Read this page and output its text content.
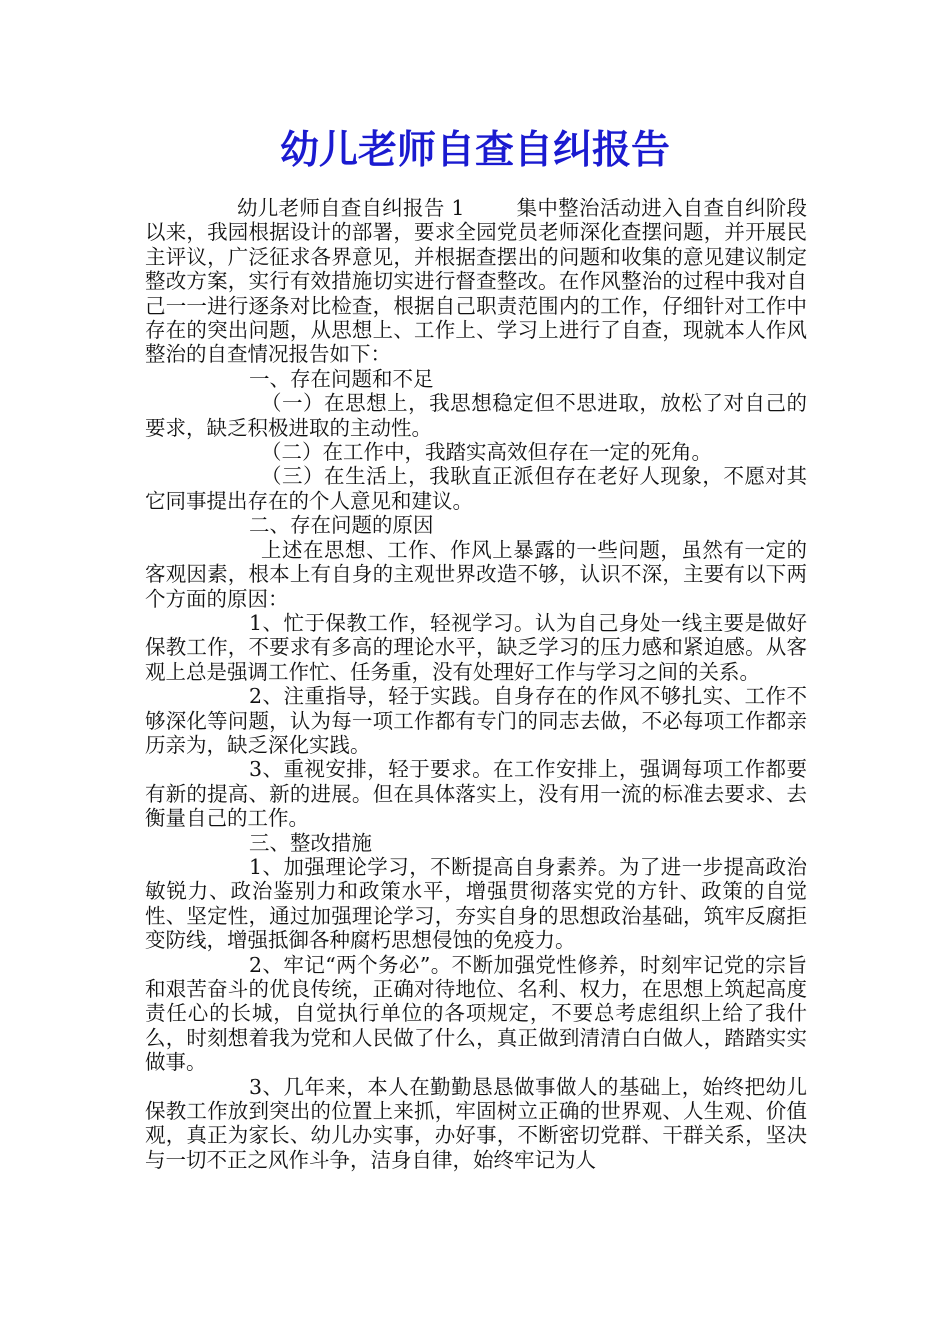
幼儿老师自查自纠报告

幼儿老师自查自纠报告 1	集中整治活动进入自查自纠阶段以来，我园根据设计的部署，要求全园党员老师深化查摆问题，并开展民主评议，广泛征求各界意见，并根据查摆出的问题和收集的意见建议制定整改方案，实行有效措施切实进行督查整改。在作风整治的过程中我对自己一一进行逐条对比检查，根据自己职责范围内的工作，仔细针对工作中存在的突出问题，从思想上、工作上、学习上进行了自查，现就本人作风整治的自查情况报告如下：

一、存在问题和不足

（一）在思想上，我思想稳定但不思进取，放松了对自己的要求，缺乏积极进取的主动性。

（二）在工作中，我踏实高效但存在一定的死角。

（三）在生活上，我耿直正派但存在老好人现象，不愿对其它同事提出存在的个人意见和建议。

二、存在问题的原因

上述在思想、工作、作风上暴露的一些问题，虽然有一定的客观因素，根本上有自身的主观世界改造不够，认识不深，主要有以下两个方面的原因：

1、忙于保教工作，轻视学习。认为自己身处一线主要是做好保教工作，不要求有多高的理论水平，缺乏学习的压力感和紧迫感。从客观上总是强调工作忙、任务重，没有处理好工作与学习之间的关系。

2、注重指导，轻于实践。自身存在的作风不够扎实、工作不够深化等问题，认为每一项工作都有专门的同志去做，不必每项工作都亲历亲为，缺乏深化实践。

3、重视安排，轻于要求。在工作安排上，强调每项工作都要有新的提高、新的进展。但在具体落实上，没有用一流的标准去要求、去衡量自己的工作。

三、整改措施

1、加强理论学习，不断提高自身素养。为了进一步提高政治敏锐力、政治鉴别力和政策水平，增强贯彻落实党的方针、政策的自觉性、坚定性，通过加强理论学习，夯实自身的思想政治基础，筑牢反腐拒变防线，增强抵御各种腐朽思想侵蚀的免疫力。

2、牢记“两个务必”。不断加强党性修养，时刻牢记党的宗旨和艰苦奋斗的优良传统，正确对待地位、名利、权力，在思想上筑起高度责任心的长城，自觉执行单位的各项规定，不要总考虑组织上给了我什么，时刻想着我为党和人民做了什么，真正做到清清白白做人，踏踏实实做事。

3、几年来，本人在勤勤恳恳做事做人的基础上，始终把幼儿保教工作放到突出的位置上来抓，牢固树立正确的世界观、人生观、价值观，真正为家长、幼儿办实事，办好事，不断密切党群、干群关系，坚决与一切不正之风作斗争，洁身自律，始终牢记为人
